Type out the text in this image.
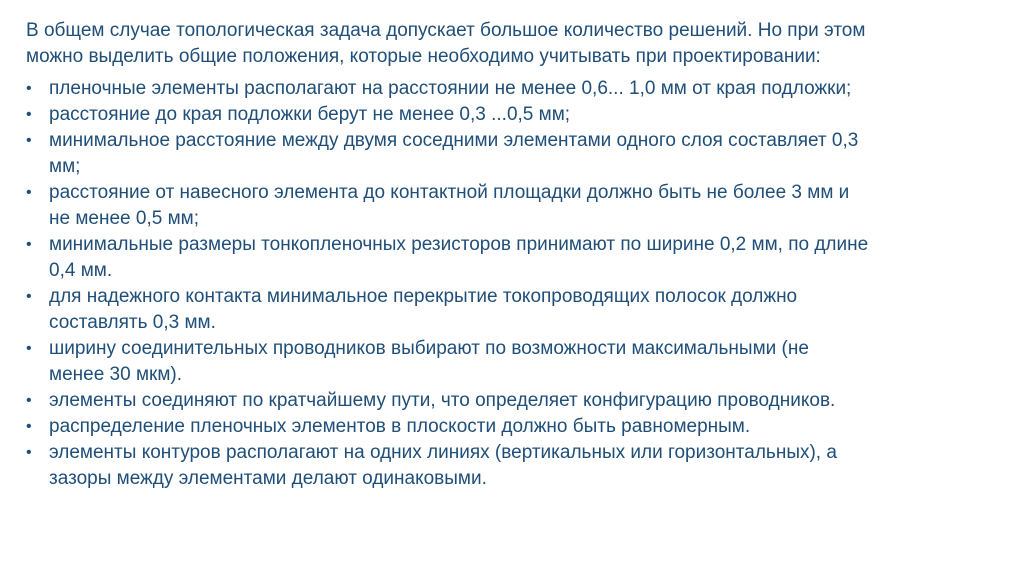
В общем случае топологическая задача допускает большое количество решений. Но при этом
можно выделить общие положения, которые необходимо учитывать при проектировании:

• пленочные элементы располагают на расстоянии не менее 0,6... 1,0 мм от края подложки;
• расстояние до края подложки берут не менее 0,3 ...0,5 мм;
• минимальное расстояние между двумя соседними элементами одного слоя составляет 0,3
мм;
• расстояние от навесного элемента до контактной площадки должно быть не более 3 мм и
не менее 0,5 мм;
• минимальные размеры тонкопленочных резисторов принимают по ширине 0,2 мм, по длине
0,4 мм.
• для надежного контакта минимальное перекрытие токопроводящих полосок должно
составлять 0,3 мм.
• ширину соединительных проводников выбирают по возможности максимальными (не
менее 30 мкм).
• элементы соединяют по кратчайшему пути, что определяет конфигурацию проводников.
• распределение пленочных элементов в плоскости должно быть равномерным.
• элементы контуров располагают на одних линиях (вертикальных или горизонтальных), а
зазоры между элементами делают одинаковыми.
